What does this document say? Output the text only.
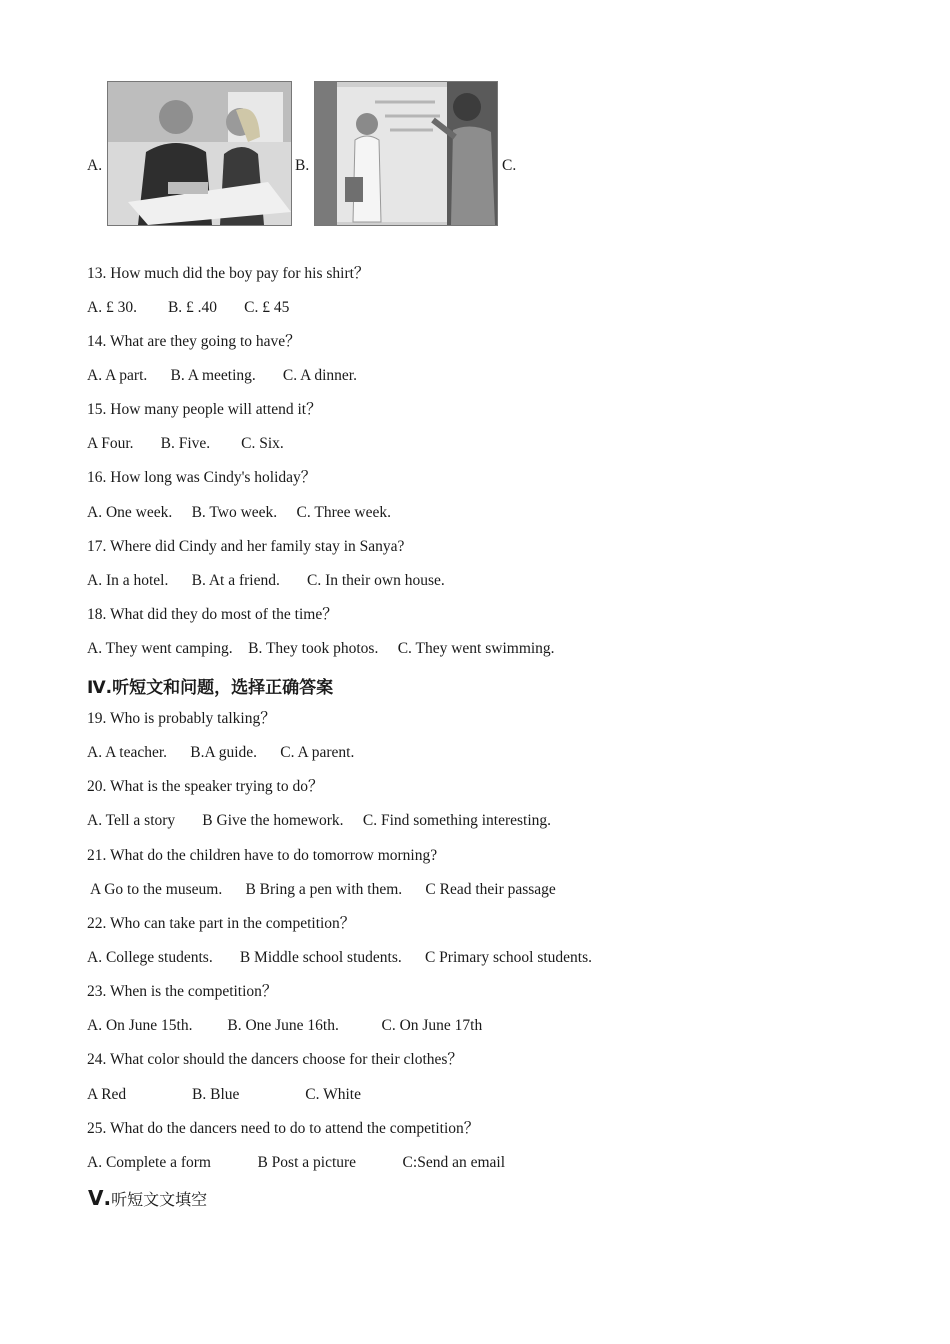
A.	B.	C.
13. How much did the boy pay for his shirt？
A. £ 30.        B. £ .40       C. £ 45
14. What are they going to have？
A. A part.      B. A meeting.       C. A dinner.
15. How many people will attend it？
A Four.       B. Five.        C. Six.
16. How long was Cindy's holiday？
A. One week.     B. Two week.     C. Three week.
17. Where did Cindy and her family stay in Sanya?
A. In a hotel.      B. At a friend.       C. In their own house.
18. What did they do most of the time？
A. They went camping.    B. They took photos.     C. They went swimming.
Ⅳ.听短文和问题，选择正确答案
19. Who is probably talking？
A. A teacher.      B.A guide.      C. A parent.
20. What is the speaker trying to do？
A. Tell a story       B Give the homework.     C. Find something interesting.
21. What do the children have to do tomorrow morning?
A Go to the museum.      B Bring a pen with them.      C Read their passage
22. Who can take part in the competition？
A. College students.       B Middle school students.      C Primary school students.
23. When is the competition？
A. On June 15th.         B. One June 16th.           C. On June 17th
24. What color should the dancers choose for their clothes？
A Red                 B. Blue                 C. White
25. What do the dancers need to do to attend the competition？
A. Complete a form            B Post a picture            C:Send an email
Ⅴ.听短文文填空
